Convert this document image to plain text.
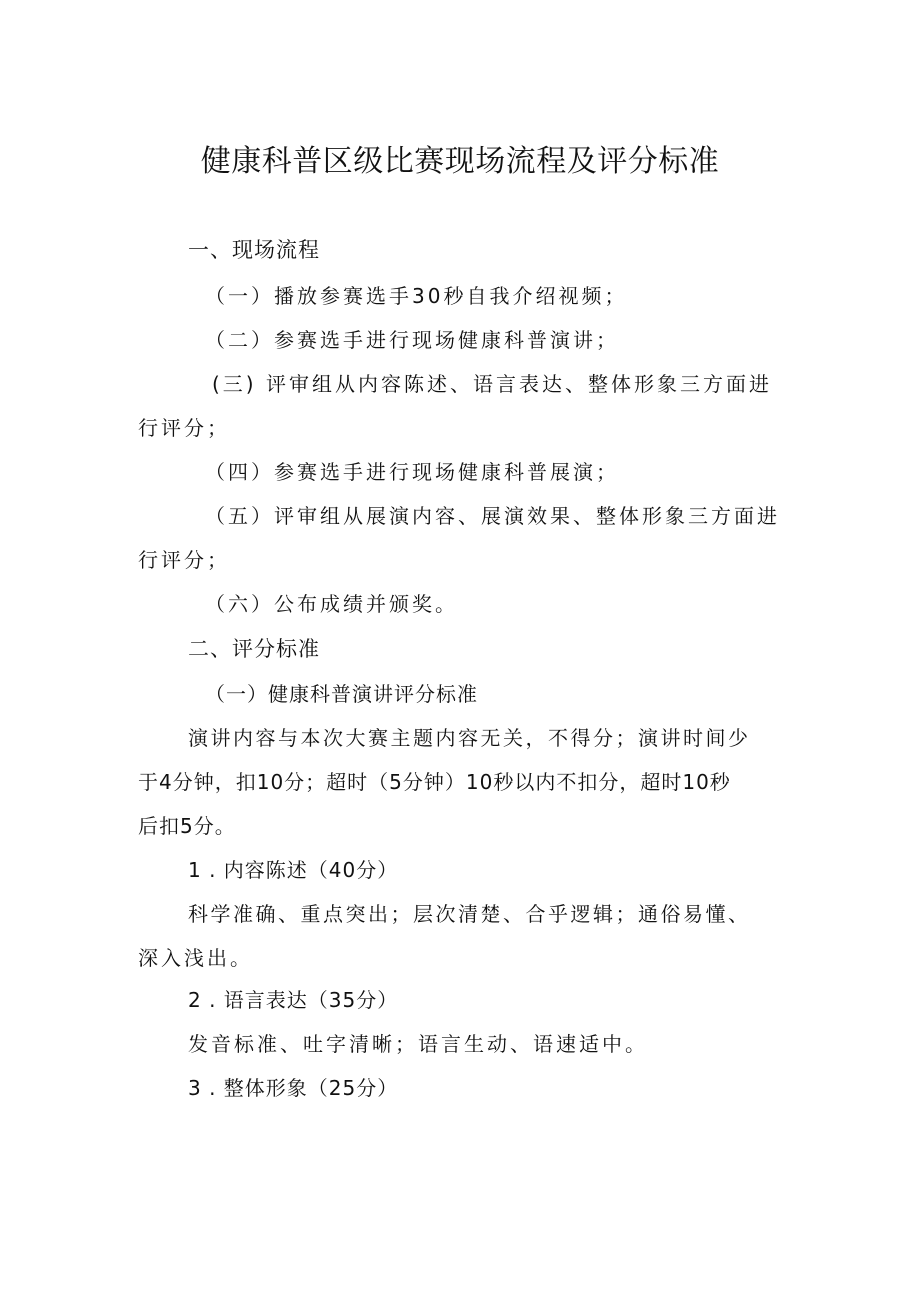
健康科普区级比赛现场流程及评分标准

一、现场流程

（一）播放参赛选手30秒自我介绍视频；

（二）参赛选手进行现场健康科普演讲；

(三) 评审组从内容陈述、语言表达、整体形象三方面进

行评分；

（四）参赛选手进行现场健康科普展演；

（五）评审组从展演内容、展演效果、整体形象三方面进

行评分；

（六）公布成绩并颁奖。

二、评分标准

（一）健康科普演讲评分标准

演讲内容与本次大赛主题内容无关，不得分；演讲时间少

于4分钟，扣10分；超时（5分钟）10秒以内不扣分，超时10秒

后扣5分。

1 . 内容陈述（40分）

科学准确、重点突出；层次清楚、合乎逻辑；通俗易懂、

深入浅出。

2 . 语言表达（35分）

发音标准、吐字清晰；语言生动、语速适中。

3 . 整体形象（25分）
